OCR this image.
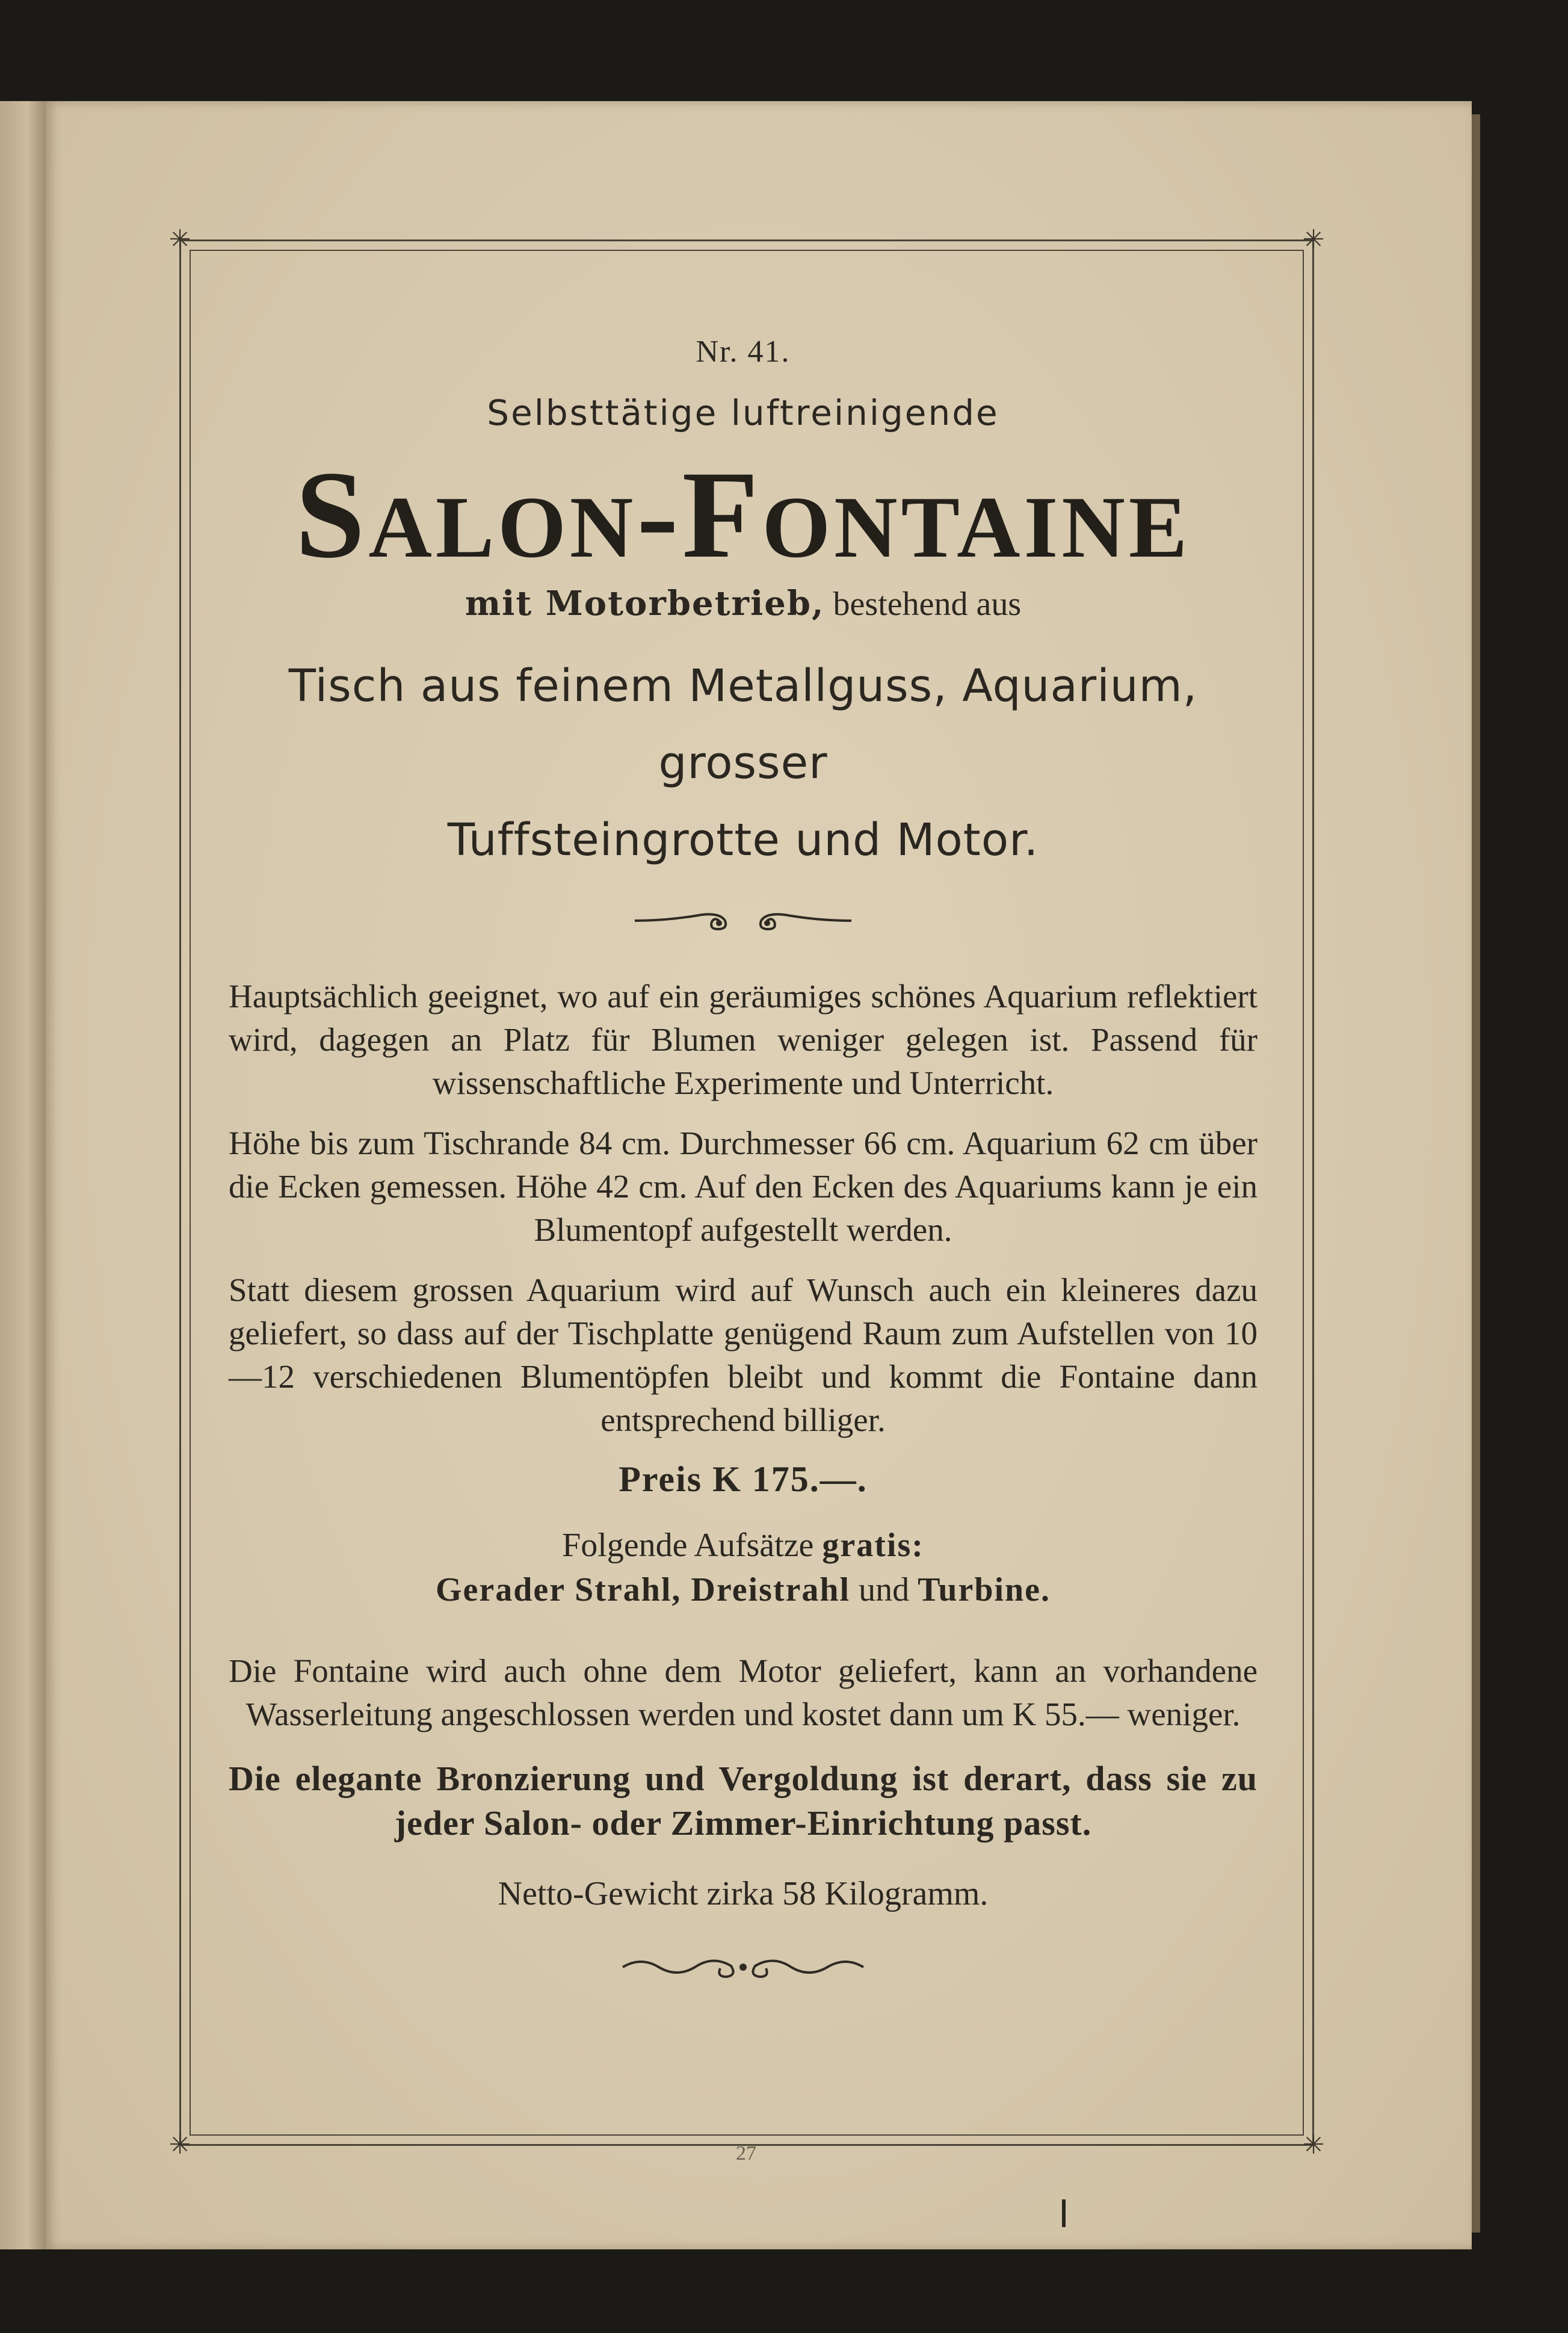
✳	✳
✳	✳
Nr. 41.
Selbsttätige luftreinigende
Salon-Fontaine
mit Motorbetrieb, bestehend aus
Tisch aus feinem Metallguss, Aquarium, grosser
Tuffsteingrotte und Motor.

Hauptsächlich geeignet, wo auf ein geräumiges schönes Aquarium reflektiert wird, dagegen an Platz für Blumen weniger gelegen ist. Passend für wissenschaftliche Experimente und Unterricht.

Höhe bis zum Tischrande 84 cm. Durchmesser 66 cm. Aquarium 62 cm über die Ecken gemessen. Höhe 42 cm. Auf den Ecken des Aquariums kann je ein Blumentopf aufgestellt werden.

Statt diesem grossen Aquarium wird auf Wunsch auch ein kleineres dazu geliefert, so dass auf der Tischplatte genügend Raum zum Aufstellen von 10—12 verschiedenen Blumentöpfen bleibt und kommt die Fontaine dann entsprechend billiger.

Preis K 175.—.
Folgende Aufsätze gratis:
Gerader Strahl, Dreistrahl und Turbine.

Die Fontaine wird auch ohne dem Motor geliefert, kann an vorhandene Wasserleitung angeschlossen werden und kostet dann um K 55.— weniger.

Die elegante Bronzierung und Vergoldung ist derart, dass sie zu jeder Salon- oder Zimmer-Einrichtung passt.

Netto-Gewicht zirka 58 Kilogramm.
27
